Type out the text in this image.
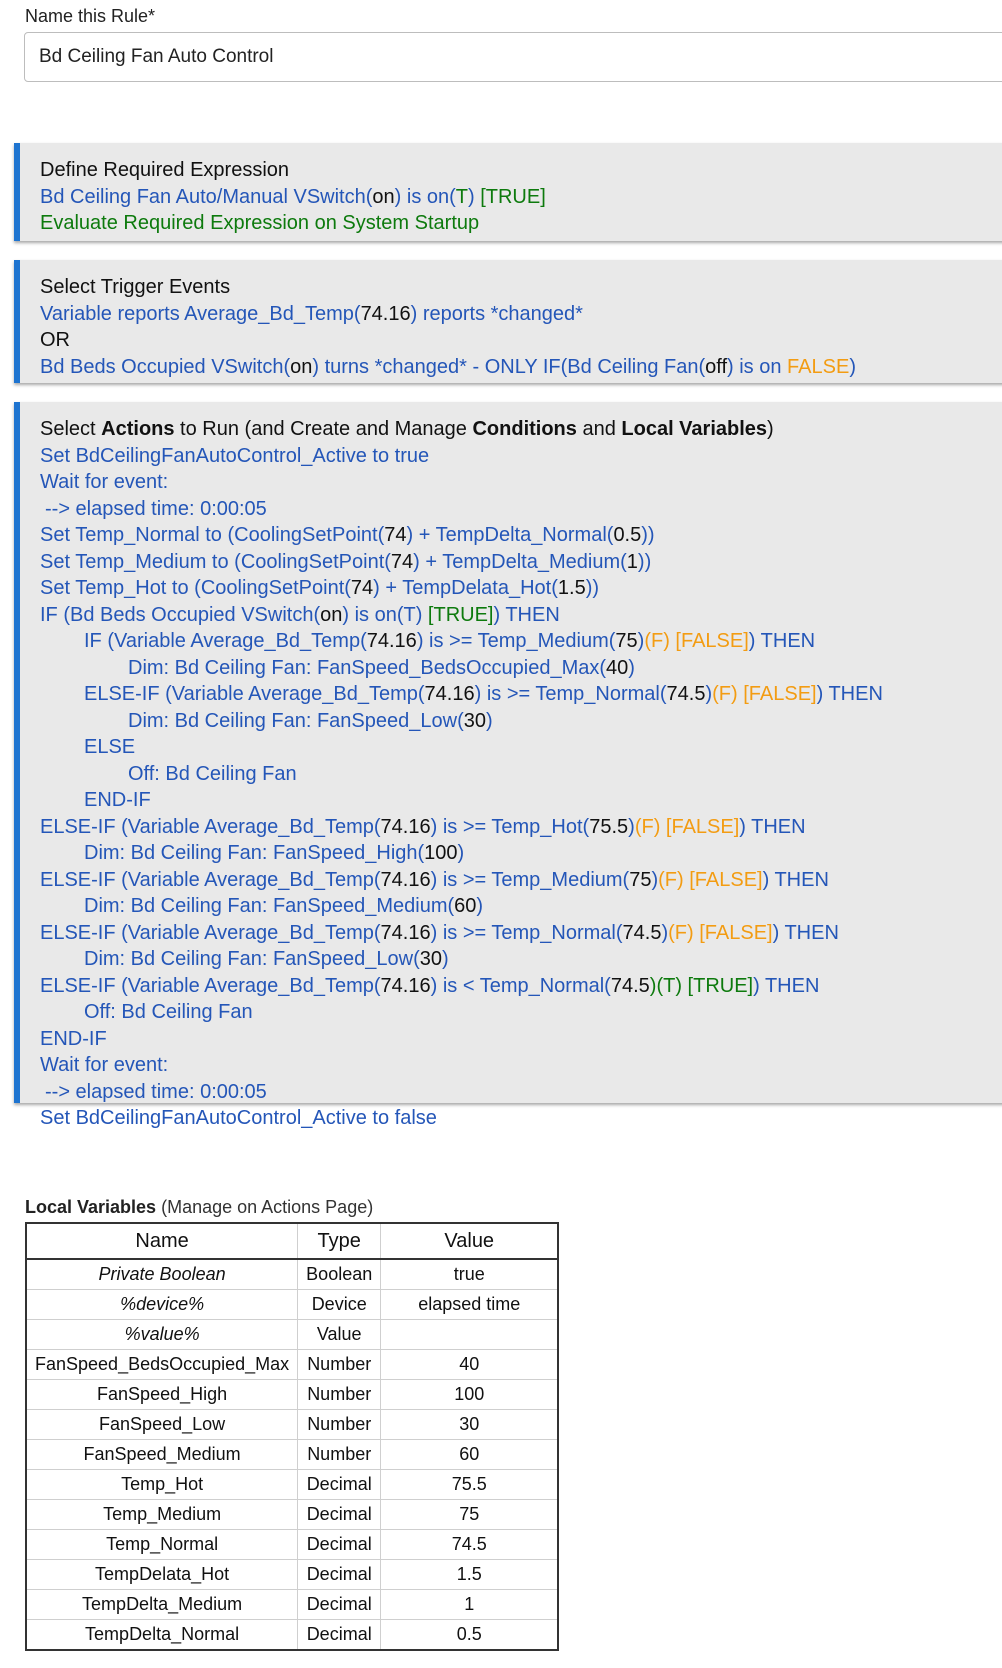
Name this Rule*
Bd Ceiling Fan Auto Control
Define Required Expression
Bd Ceiling Fan Auto/Manual VSwitch(on) is on(T) [TRUE]
Evaluate Required Expression on System Startup
Select Trigger Events
Variable reports Average_Bd_Temp(74.16) reports *changed*
OR
Bd Beds Occupied VSwitch(on) turns *changed* - ONLY IF(Bd Ceiling Fan(off) is on FALSE)
Select Actions to Run (and Create and Manage Conditions and Local Variables)
Set BdCeilingFanAutoControl_Active to true
Wait for event:
--> elapsed time: 0:00:05
Set Temp_Normal to (CoolingSetPoint(74) + TempDelta_Normal(0.5))
Set Temp_Medium to (CoolingSetPoint(74) + TempDelta_Medium(1))
Set Temp_Hot to (CoolingSetPoint(74) + TempDelata_Hot(1.5))
IF (Bd Beds Occupied VSwitch(on) is on(T) [TRUE]) THEN
IF (Variable Average_Bd_Temp(74.16) is >= Temp_Medium(75)(F) [FALSE]) THEN
Dim: Bd Ceiling Fan: FanSpeed_BedsOccupied_Max(40)
ELSE-IF (Variable Average_Bd_Temp(74.16) is >= Temp_Normal(74.5)(F) [FALSE]) THEN
Dim: Bd Ceiling Fan: FanSpeed_Low(30)
ELSE
Off: Bd Ceiling Fan
END-IF
ELSE-IF (Variable Average_Bd_Temp(74.16) is >= Temp_Hot(75.5)(F) [FALSE]) THEN
Dim: Bd Ceiling Fan: FanSpeed_High(100)
ELSE-IF (Variable Average_Bd_Temp(74.16) is >= Temp_Medium(75)(F) [FALSE]) THEN
Dim: Bd Ceiling Fan: FanSpeed_Medium(60)
ELSE-IF (Variable Average_Bd_Temp(74.16) is >= Temp_Normal(74.5)(F) [FALSE]) THEN
Dim: Bd Ceiling Fan: FanSpeed_Low(30)
ELSE-IF (Variable Average_Bd_Temp(74.16) is < Temp_Normal(74.5)(T) [TRUE]) THEN
Off: Bd Ceiling Fan
END-IF
Wait for event:
--> elapsed time: 0:00:05
Set BdCeilingFanAutoControl_Active to false
Local Variables (Manage on Actions Page)
Name	Type	Value
Private Boolean	Boolean	true
%device%	Device	elapsed time
%value%	Value	
FanSpeed_BedsOccupied_Max	Number	40
FanSpeed_High	Number	100
FanSpeed_Low	Number	30
FanSpeed_Medium	Number	60
Temp_Hot	Decimal	75.5
Temp_Medium	Decimal	75
Temp_Normal	Decimal	74.5
TempDelata_Hot	Decimal	1.5
TempDelta_Medium	Decimal	1
TempDelta_Normal	Decimal	0.5
